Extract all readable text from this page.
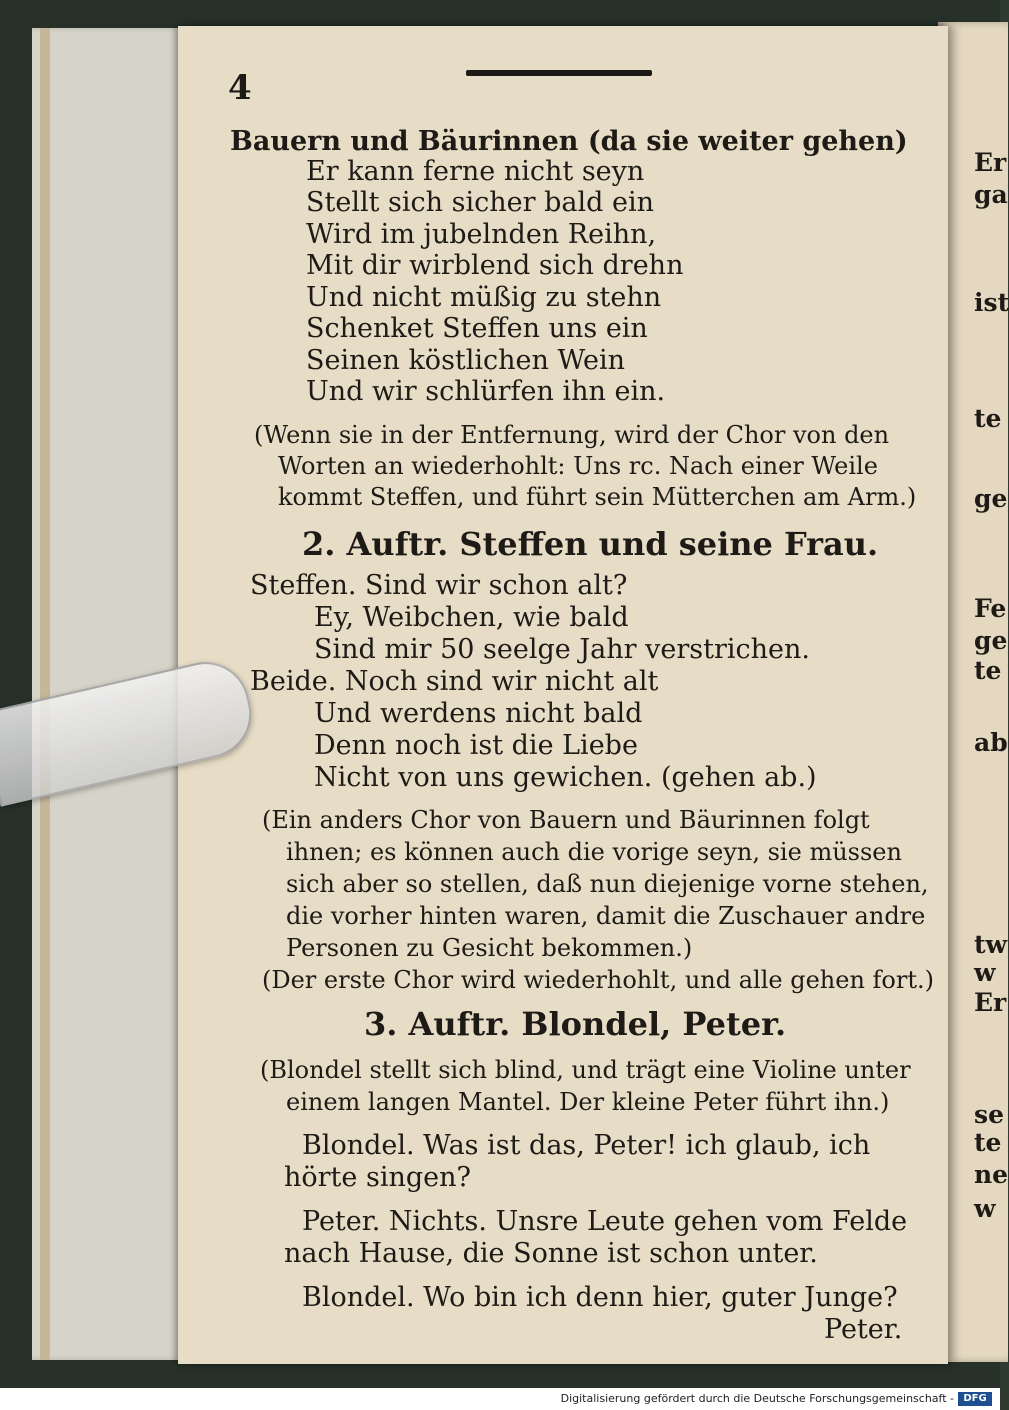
Er
ga
ist
te
ge
Fe
ge
te
ab
tw
w
Er
se
te
ne
w
4
Bauern und Bäurinnen (da sie weiter gehen)
Er kann ferne nicht seyn
Stellt sich sicher bald ein
Wird im jubelnden Reihn,
Mit dir wirblend sich drehn
Und nicht müßig zu stehn
Schenket Steffen uns ein
Seinen köstlichen Wein
Und wir schlürfen ihn ein.
(Wenn sie in der Entfernung, wird der Chor von den
Worten an wiederhohlt: Uns rc. Nach einer Weile
kommt Steffen, und führt sein Mütterchen am Arm.)
2. Auftr. Steffen und seine Frau.
Steffen. Sind wir schon alt?
Ey, Weibchen, wie bald
Sind mir 50 seelge Jahr verstrichen.
Beide. Noch sind wir nicht alt
Und werdens nicht bald
Denn noch ist die Liebe
Nicht von uns gewichen. (gehen ab.)
(Ein anders Chor von Bauern und Bäurinnen folgt
ihnen; es können auch die vorige seyn, sie müssen
sich aber so stellen, daß nun diejenige vorne stehen,
die vorher hinten waren, damit die Zuschauer andre
Personen zu Gesicht bekommen.)
(Der erste Chor wird wiederhohlt, und alle gehen fort.)
3. Auftr. Blondel, Peter.
(Blondel stellt sich blind, und trägt eine Violine unter
einem langen Mantel. Der kleine Peter führt ihn.)
Blondel. Was ist das, Peter! ich glaub, ich
hörte singen?
Peter. Nichts. Unsre Leute gehen vom Felde
nach Hause, die Sonne ist schon unter.
Blondel. Wo bin ich denn hier, guter Junge?
Peter.
Digitalisierung gefördert durch die Deutsche Forschungsgemeinschaft - DFG
